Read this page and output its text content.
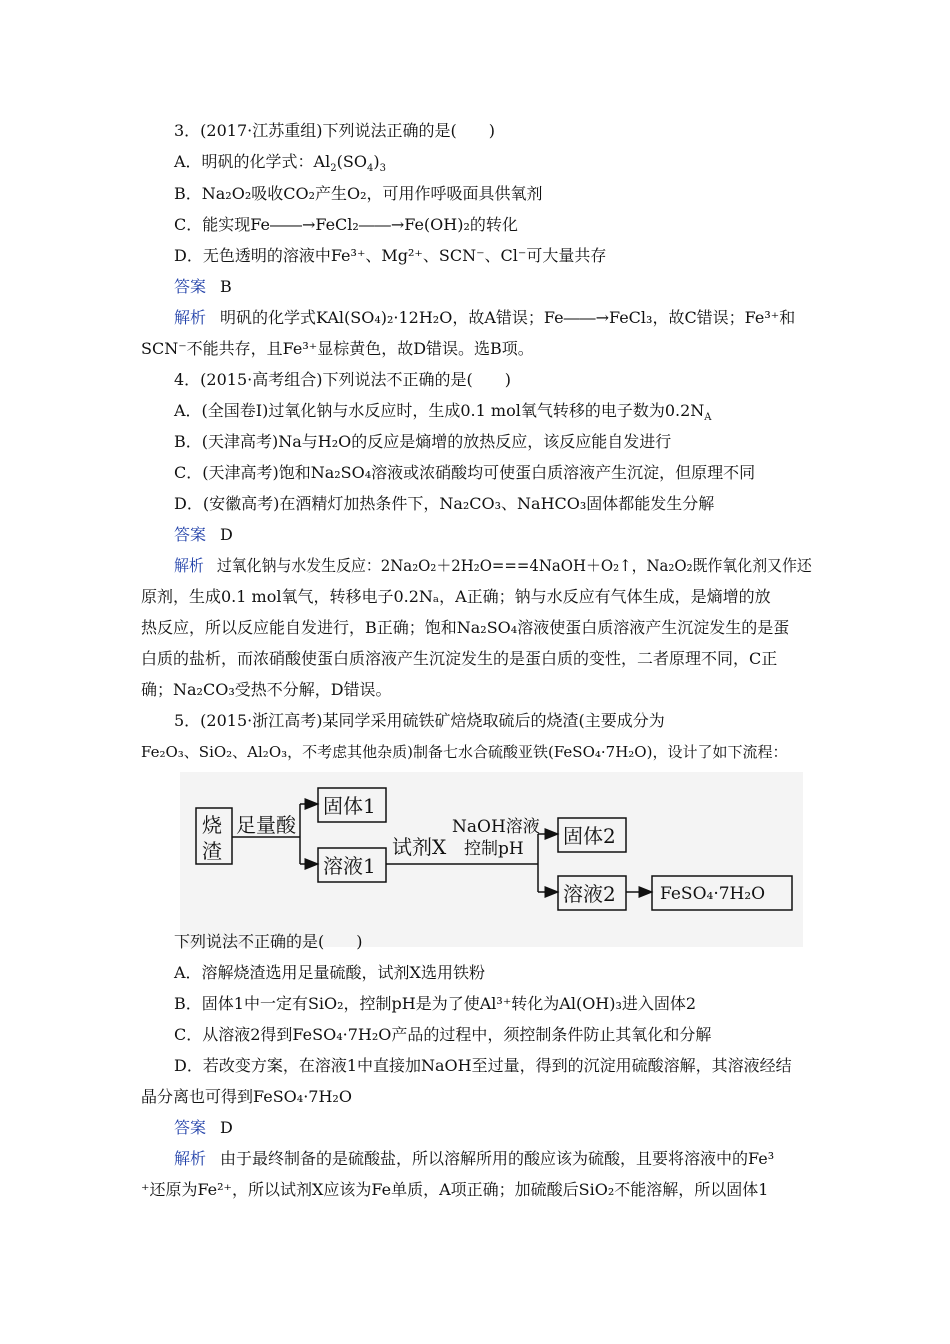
3．(2017·江苏重组)下列说法正确的是(　　)
A．明矾的化学式：$Al_2(SO_4)_3$
B．Na₂O₂吸收CO₂产生O₂，可用作呼吸面具供氧剂
C．能实现Fe――→FeCl₂――→Fe(OH)₂的转化
D．无色透明的溶液中Fe³⁺、Mg²⁺、SCN⁻、Cl⁻可大量共存
答案 B
解析 明矾的化学式KAl(SO₄)₂·12H₂O，故A错误；Fe――→FeCl₃，故C错误；Fe³⁺和
SCN⁻不能共存，且Fe³⁺显棕黄色，故D错误。选B项。
4．(2015·高考组合)下列说法不正确的是(　　)
A．(全国卷Ⅰ)过氧化钠与水反应时，生成0.1 mol氧气转移的电子数为$0.2N_A$
B．(天津高考)Na与H₂O的反应是熵增的放热反应，该反应能自发进行
C．(天津高考)饱和Na₂SO₄溶液或浓硝酸均可使蛋白质溶液产生沉淀，但原理不同
D．(安徽高考)在酒精灯加热条件下，Na₂CO₃、NaHCO₃固体都能发生分解
答案 D
解析 过氧化钠与水发生反应：2Na₂O₂＋2H₂O===4NaOH＋O₂↑，Na₂O₂既作氧化剂又作还
原剂，生成0.1 mol氧气，转移电子0.2Nₐ，A正确；钠与水反应有气体生成，是熵增的放
热反应，所以反应能自发进行，B正确；饱和Na₂SO₄溶液使蛋白质溶液产生沉淀发生的是蛋
白质的盐析，而浓硝酸使蛋白质溶液产生沉淀发生的是蛋白质的变性，二者原理不同，C正
确；Na₂CO₃受热不分解，D错误。
5．(2015·浙江高考)某同学采用硫铁矿焙烧取硫后的烧渣(主要成分为
Fe₂O₃、SiO₂、Al₂O₃，不考虑其他杂质)制备七水合硫酸亚铁(FeSO₄·7H₂O)，设计了如下流程：
烧
渣
足量酸
固体1
溶液1
试剂X
NaOH溶液
控制pH
固体2
溶液2	FeSO₄·7H₂O
下列说法不正确的是(　　)
A．溶解烧渣选用足量硫酸，试剂X选用铁粉
B．固体1中一定有SiO₂，控制pH是为了使Al³⁺转化为Al(OH)₃进入固体2
C．从溶液2得到FeSO₄·7H₂O产品的过程中，须控制条件防止其氧化和分解
D．若改变方案，在溶液1中直接加NaOH至过量，得到的沉淀用硫酸溶解，其溶液经结
晶分离也可得到FeSO₄·7H₂O
答案 D
解析 由于最终制备的是硫酸盐，所以溶解所用的酸应该为硫酸，且要将溶液中的Fe³
⁺还原为Fe²⁺，所以试剂X应该为Fe单质，A项正确；加硫酸后SiO₂不能溶解，所以固体1
